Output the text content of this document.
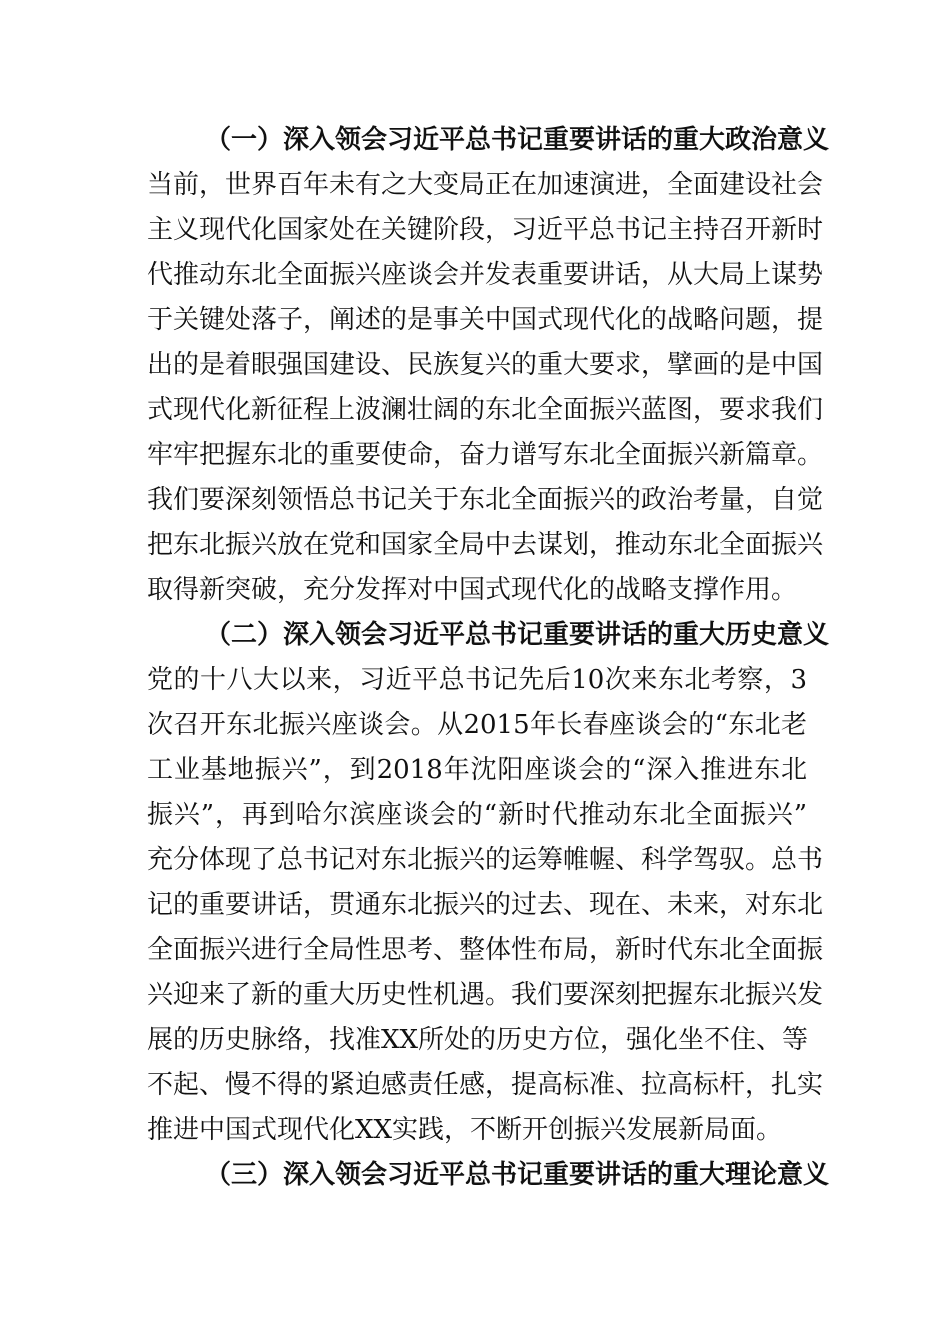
（一）深入领会习近平总书记重要讲话的重大政治意义

当前，世界百年未有之大变局正在加速演进，全面建设社会

主义现代化国家处在关键阶段，习近平总书记主持召开新时

代推动东北全面振兴座谈会并发表重要讲话，从大局上谋势

于关键处落子，阐述的是事关中国式现代化的战略问题，提

出的是着眼强国建设、民族复兴的重大要求，擘画的是中国

式现代化新征程上波澜壮阔的东北全面振兴蓝图，要求我们

牢牢把握东北的重要使命，奋力谱写东北全面振兴新篇章。

我们要深刻领悟总书记关于东北全面振兴的政治考量，自觉

把东北振兴放在党和国家全局中去谋划，推动东北全面振兴

取得新突破，充分发挥对中国式现代化的战略支撑作用。

（二）深入领会习近平总书记重要讲话的重大历史意义

党的十八大以来，习近平总书记先后10次来东北考察，3

次召开东北振兴座谈会。从2015年长春座谈会的“东北老

工业基地振兴”，到2018年沈阳座谈会的“深入推进东北

振兴”，再到哈尔滨座谈会的“新时代推动东北全面振兴”

充分体现了总书记对东北振兴的运筹帷幄、科学驾驭。总书

记的重要讲话，贯通东北振兴的过去、现在、未来，对东北

全面振兴进行全局性思考、整体性布局，新时代东北全面振

兴迎来了新的重大历史性机遇。我们要深刻把握东北振兴发

展的历史脉络，找准XX所处的历史方位，强化坐不住、等

不起、慢不得的紧迫感责任感，提高标准、拉高标杆，扎实

推进中国式现代化XX实践，不断开创振兴发展新局面。

（三）深入领会习近平总书记重要讲话的重大理论意义
